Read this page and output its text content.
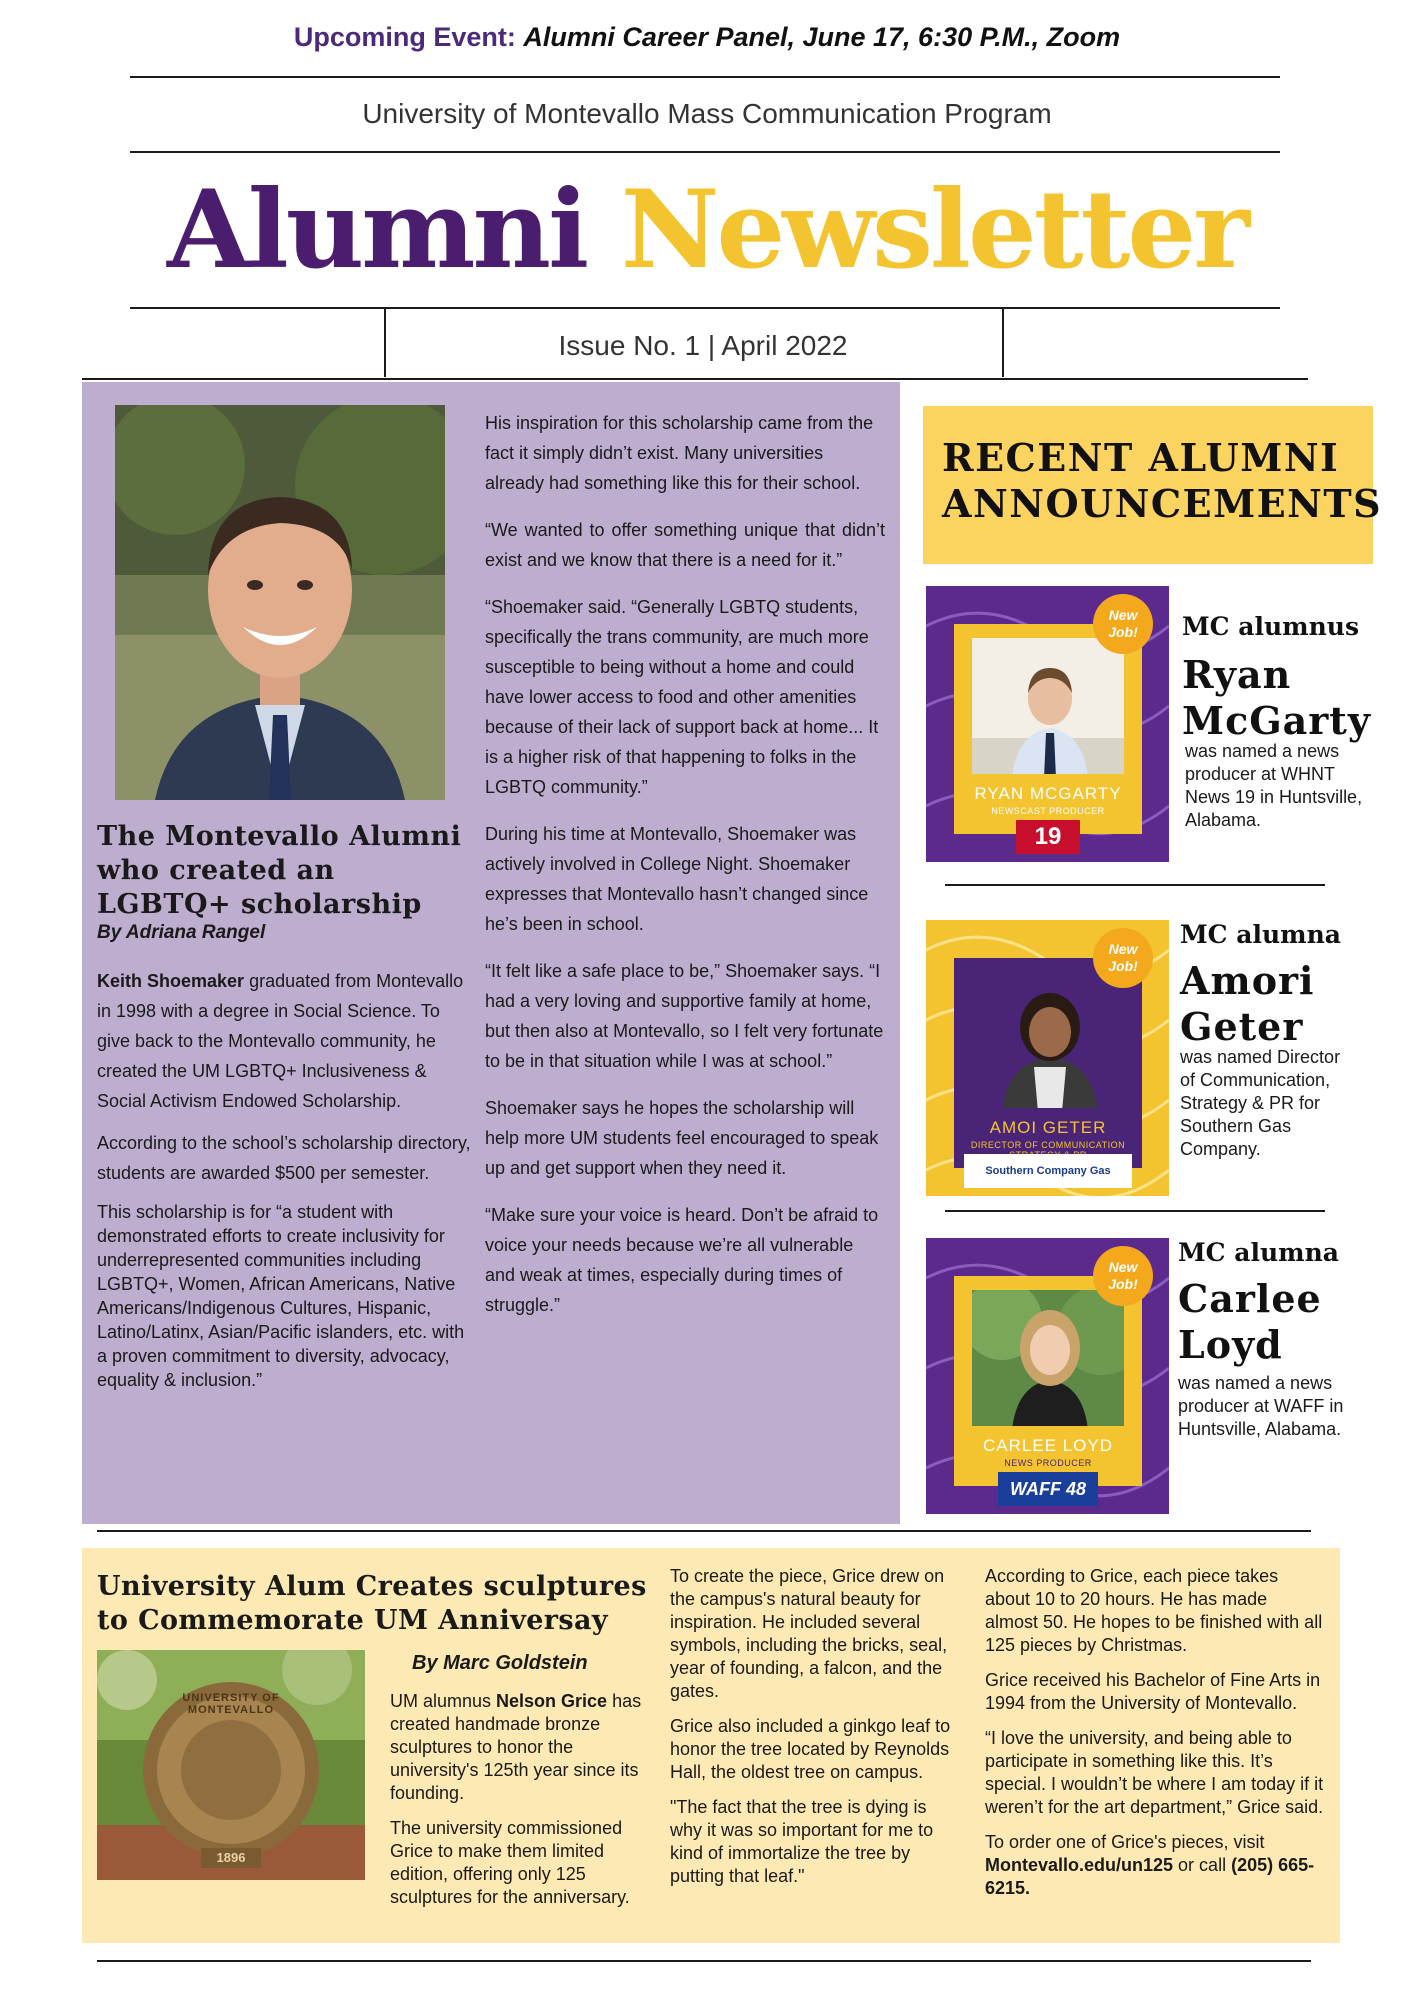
Upcoming Event: Alumni Career Panel, June 17, 6:30 P.M., Zoom
University of Montevallo Mass Communication Program
Alumni Newsletter
Issue No. 1 | April 2022
The Montevallo Alumni who created an LGBTQ+ scholarship
By Adriana Rangel

Keith Shoemaker graduated from Montevallo in 1998 with a degree in Social Science. To give back to the Montevallo community, he created the UM LGBTQ+ Inclusiveness & Social Activism Endowed Scholarship.

According to the school’s scholarship directory, students are awarded $500 per semester.

This scholarship is for “a student with demonstrated efforts to create inclusivity for underrepresented communities including LGBTQ+, Women, African Americans, Native Americans/Indigenous Cultures, Hispanic, Latino/Latinx, Asian/Pacific islanders, etc. with a proven commitment to diversity, advocacy, equality & inclusion.”

His inspiration for this scholarship came from the fact it simply didn’t exist. Many universities already had something like this for their school.

“We wanted to offer something unique that didn’t exist and we know that there is a need for it.”

“Shoemaker said. “Generally LGBTQ students, specifically the trans community, are much more susceptible to being without a home and could have lower access to food and other amenities because of their lack of support back at home... It is a higher risk of that happening to folks in the LGBTQ community.”

During his time at Montevallo, Shoemaker was actively involved in College Night. Shoemaker expresses that Montevallo hasn’t changed since he’s been in school.

“It felt like a safe place to be,” Shoemaker says. “I had a very loving and supportive family at home, but then also at Montevallo, so I felt very fortunate to be in that situation while I was at school.”

Shoemaker says he hopes the scholarship will help more UM students feel encouraged to speak up and get support when they need it.

“Make sure your voice is heard. Don’t be afraid to voice your needs because we’re all vulnerable and weak at times, especially during times of struggle.”

RECENT ALUMNI ANNOUNCEMENTS
RYAN MCGARTY
NEWSCAST PRODUCER
19
New Job!	MC alumnus
Ryan McGarty
was named a news producer at WHNT News 19 in Huntsville, Alabama.
AMOI GETER
DIRECTOR OF COMMUNICATION
Southern Company Gas
New Job!
MC alumna
Amori Geter
was named Director of Communication, Strategy & PR for Southern Gas Company.
CARLEE LOYD
NEWS PRODUCER
WAFF 48
New Job!
MC alumna
Carlee Loyd
was named a news producer at WAFF in Huntsville, Alabama.
University Alum Creates sculptures to Commemorate UM Anniversay
By Marc Goldstein
UNIVERSITY OF MONTEVALLO
1896

UM alumnus Nelson Grice has created handmade bronze sculptures to honor the university's 125th year since its founding.

The university commissioned Grice to make them limited edition, offering only 125 sculptures for the anniversary.

To create the piece, Grice drew on the campus's natural beauty for inspiration. He included several symbols, including the bricks, seal, year of founding, a falcon, and the gates.

Grice also included a ginkgo leaf to honor the tree located by Reynolds Hall, the oldest tree on campus.

"The fact that the tree is dying is why it was so important for me to kind of immortalize the tree by putting that leaf."

According to Grice, each piece takes about 10 to 20 hours. He has made almost 50. He hopes to be finished with all 125 pieces by Christmas.

Grice received his Bachelor of Fine Arts in 1994 from the University of Montevallo.

“I love the university, and being able to participate in something like this. It’s special. I wouldn’t be where I am today if it weren’t for the art department,” Grice said.

To order one of Grice's pieces, visit Montevallo.edu/un125 or call (205) 665-6215.
